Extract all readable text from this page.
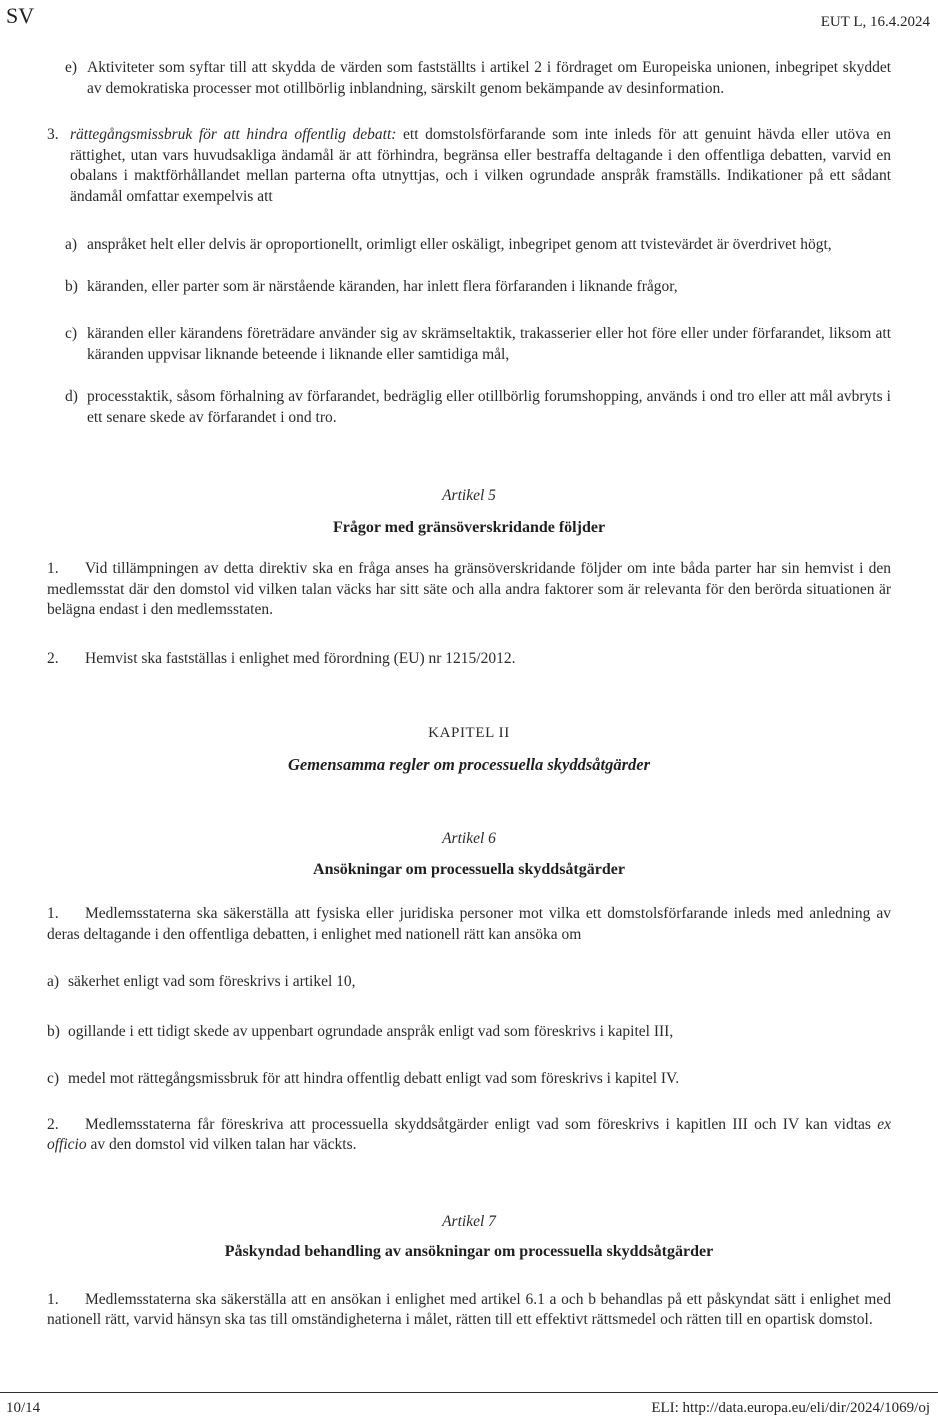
SV	EUT L, 16.4.2024
e) Aktiviteter som syftar till att skydda de värden som fastställts i artikel 2 i fördraget om Europeiska unionen, inbegripet skyddet av demokratiska processer mot otillbörlig inblandning, särskilt genom bekämpande av desinformation.
3. rättegångsmissbruk för att hindra offentlig debatt: ett domstolsförfarande som inte inleds för att genuint hävda eller utöva en rättighet, utan vars huvudsakliga ändamål är att förhindra, begränsa eller bestraffa deltagande i den offentliga debatten, varvid en obalans i maktförhållandet mellan parterna ofta utnyttjas, och i vilken ogrundade anspråk framställs. Indikationer på ett sådant ändamål omfattar exempelvis att
a) anspråket helt eller delvis är oproportionellt, orimligt eller oskäligt, inbegripet genom att tvistevärdet är överdrivet högt,
b) käranden, eller parter som är närstående käranden, har inlett flera förfaranden i liknande frågor,
c) käranden eller kärandens företrädare använder sig av skrämseltaktik, trakasserier eller hot före eller under förfarandet, liksom att käranden uppvisar liknande beteende i liknande eller samtidiga mål,
d) processtaktik, såsom förhalning av förfarandet, bedräglig eller otillbörlig forumshopping, används i ond tro eller att mål avbryts i ett senare skede av förfarandet i ond tro.
Artikel 5
Frågor med gränsöverskridande följder

1. Vid tillämpningen av detta direktiv ska en fråga anses ha gränsöverskridande följder om inte båda parter har sin hemvist i den medlemsstat där den domstol vid vilken talan väcks har sitt säte och alla andra faktorer som är relevanta för den berörda situationen är belägna endast i den medlemsstaten.

2. Hemvist ska fastställas i enlighet med förordning (EU) nr 1215/2012.

KAPITEL II
Gemensamma regler om processuella skyddsåtgärder
Artikel 6
Ansökningar om processuella skyddsåtgärder

1. Medlemsstaterna ska säkerställa att fysiska eller juridiska personer mot vilka ett domstolsförfarande inleds med anledning av deras deltagande i den offentliga debatten, i enlighet med nationell rätt kan ansöka om

a) säkerhet enligt vad som föreskrivs i artikel 10,
b) ogillande i ett tidigt skede av uppenbart ogrundade anspråk enligt vad som föreskrivs i kapitel III,
c) medel mot rättegångsmissbruk för att hindra offentlig debatt enligt vad som föreskrivs i kapitel IV.

2. Medlemsstaterna får föreskriva att processuella skyddsåtgärder enligt vad som föreskrivs i kapitlen III och IV kan vidtas ex officio av den domstol vid vilken talan har väckts.

Artikel 7
Påskyndad behandling av ansökningar om processuella skyddsåtgärder

1. Medlemsstaterna ska säkerställa att en ansökan i enlighet med artikel 6.1 a och b behandlas på ett påskyndat sätt i enlighet med nationell rätt, varvid hänsyn ska tas till omständigheterna i målet, rätten till ett effektivt rättsmedel och rätten till en opartisk domstol.

10/14	ELI: http://data.europa.eu/eli/dir/2024/1069/oj
